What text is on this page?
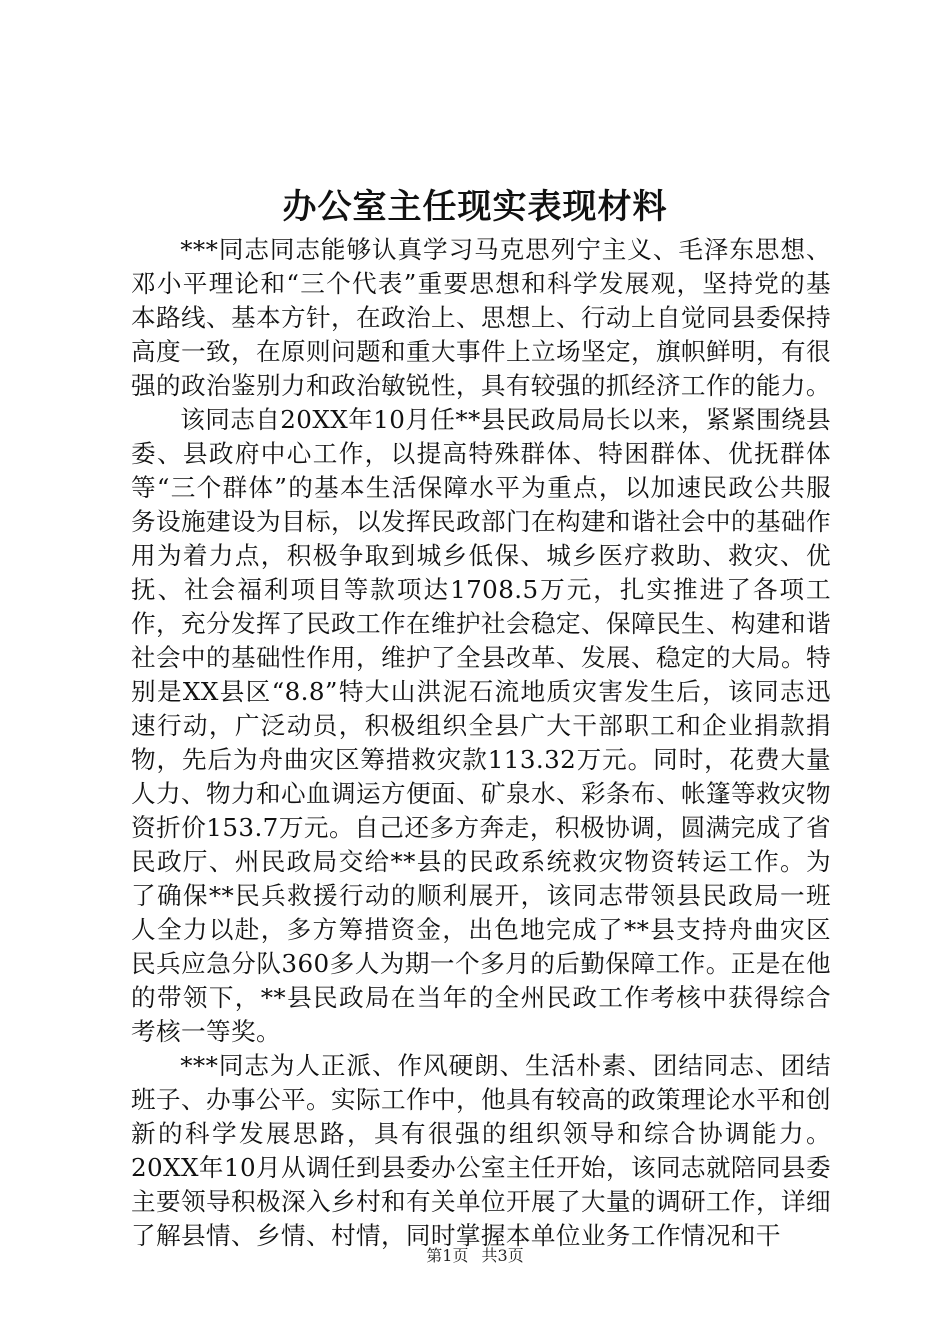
办公室主任现实表现材料

***同志同志能够认真学习马克思列宁主义、毛泽东思想、邓小平理论和“三个代表”重要思想和科学发展观，坚持党的基本路线、基本方针，在政治上、思想上、行动上自觉同县委保持高度一致，在原则问题和重大事件上立场坚定，旗帜鲜明，有很强的政治鉴别力和政治敏锐性，具有较强的抓经济工作的能力。

该同志自20XX年10月任**县民政局局长以来，紧紧围绕县委、县政府中心工作，以提高特殊群体、特困群体、优抚群体等“三个群体”的基本生活保障水平为重点，以加速民政公共服务设施建设为目标，以发挥民政部门在构建和谐社会中的基础作用为着力点，积极争取到城乡低保、城乡医疗救助、救灾、优抚、社会福利项目等款项达1708.5万元，扎实推进了各项工作，充分发挥了民政工作在维护社会稳定、保障民生、构建和谐社会中的基础性作用，维护了全县改革、发展、稳定的大局。特别是XX县区“8.8”特大山洪泥石流地质灾害发生后，该同志迅速行动，广泛动员，积极组织全县广大干部职工和企业捐款捐物，先后为舟曲灾区筹措救灾款113.32万元。同时，花费大量人力、物力和心血调运方便面、矿泉水、彩条布、帐篷等救灾物资折价153.7万元。自己还多方奔走，积极协调，圆满完成了省民政厅、州民政局交给**县的民政系统救灾物资转运工作。为了确保**民兵救援行动的顺利展开，该同志带领县民政局一班人全力以赴，多方筹措资金，出色地完成了**县支持舟曲灾区民兵应急分队360多人为期一个多月的后勤保障工作。正是在他的带领下，**县民政局在当年的全州民政工作考核中获得综合考核一等奖。

***同志为人正派、作风硬朗、生活朴素、团结同志、团结班子、办事公平。实际工作中，他具有较高的政策理论水平和创新的科学发展思路，具有很强的组织领导和综合协调能力。20XX年10月从调任到县委办公室主任开始，该同志就陪同县委主要领导积极深入乡村和有关单位开展了大量的调研工作，详细了解县情、乡情、村情，同时掌握本单位业务工作情况和干

第1页 共3页
